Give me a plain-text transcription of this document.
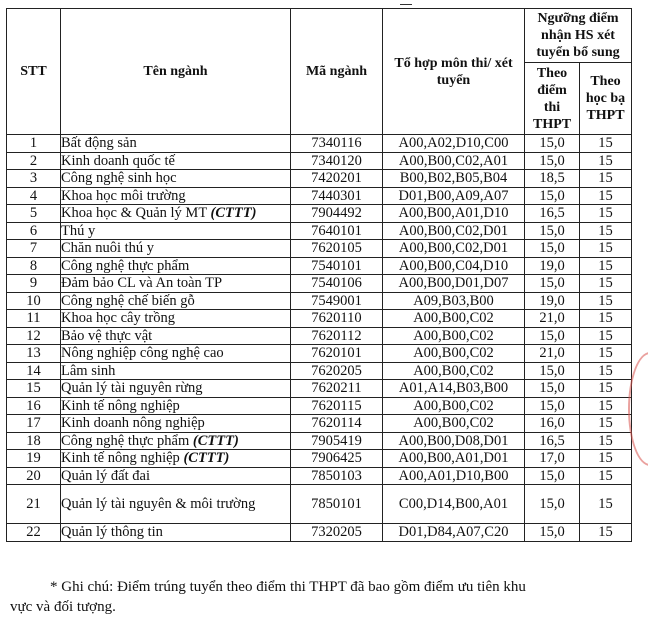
STT	Tên ngành	Mã ngành	Tổ hợp môn thi/ xét tuyển	Ngưỡng điểm nhận HS xét tuyển bổ sung	
				Theo điểm thi THPT	Theo học bạ THPT
1	Bất động sản	7340116	A00,A02,D10,C00	15,0	15
2	Kinh doanh quốc tế	7340120	A00,B00,C02,A01	15,0	15
3	Công nghệ sinh học	7420201	B00,B02,B05,B04	18,5	15
4	Khoa học môi trường	7440301	D01,B00,A09,A07	15,0	15
5	Khoa học & Quản lý MT (CTTT)	7904492	A00,B00,A01,D10	16,5	15
6	Thú y	7640101	A00,B00,C02,D01	15,0	15
7	Chăn nuôi thú y	7620105	A00,B00,C02,D01	15,0	15
8	Công nghệ thực phẩm	7540101	A00,B00,C04,D10	19,0	15
9	Đảm bảo CL và An toàn TP	7540106	A00,B00,D01,D07	15,0	15
10	Công nghệ chế biến gỗ	7549001	A09,B03,B00	19,0	15
11	Khoa học cây trồng	7620110	A00,B00,C02	21,0	15
12	Bảo vệ thực vật	7620112	A00,B00,C02	15,0	15
13	Nông nghiệp công nghệ cao	7620101	A00,B00,C02	21,0	15
14	Lâm sinh	7620205	A00,B00,C02	15,0	15
15	Quản lý tài nguyên rừng	7620211	A01,A14,B03,B00	15,0	15
16	Kinh tế nông nghiệp	7620115	A00,B00,C02	15,0	15
17	Kinh doanh nông nghiệp	7620114	A00,B00,C02	16,0	15
18	Công nghệ thực phẩm (CTTT)	7905419	A00,B00,D08,D01	16,5	15
19	Kinh tế nông nghiệp (CTTT)	7906425	A00,B00,A01,D01	17,0	15
20	Quản lý đất đai	7850103	A00,A01,D10,B00	15,0	15
21	Quản lý tài nguyên & môi trường	7850101	C00,D14,B00,A01	15,0	15
22	Quản lý thông tin	7320205	D01,D84,A07,C20	15,0	15
* Ghi chú: Điểm trúng tuyển theo điểm thi THPT đã bao gồm điểm ưu tiên khu
vực và đối tượng.
